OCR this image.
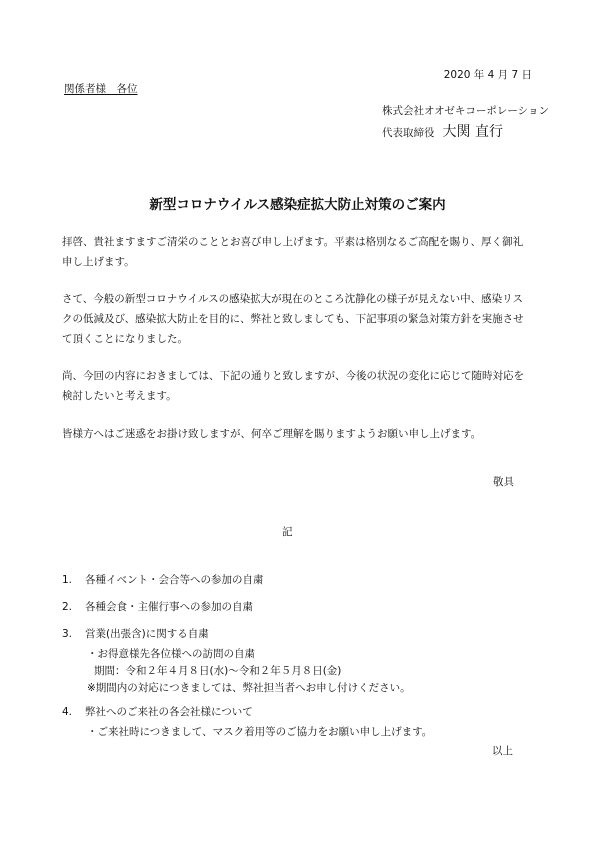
2020 年 4 月 7 日
関係者様　各位
株式会社オオゼキコーポレーション
代表取締役 大関 直行
新型コロナウイルス感染症拡大防止対策のご案内
拝啓、貴社ますますご清栄のこととお喜び申し上げます。平素は格別なるご高配を賜り、厚く御礼申し上げます。
さて、今般の新型コロナウイルスの感染拡大が現在のところ沈静化の様子が見えない中、感染リスクの低減及び、感染拡大防止を目的に、弊社と致しましても、下記事項の緊急対策方針を実施させて頂くことになりました。
尚、今回の内容におきましては、下記の通りと致しますが、今後の状況の変化に応じて随時対応を検討したいと考えます。
皆様方へはご迷惑をお掛け致しますが、何卒ご理解を賜りますようお願い申し上げます。
敬具
記
1. 各種イベント・会合等への参加の自粛
2. 各種会食・主催行事への参加の自粛
3. 営業(出張含)に関する自粛
・お得意様先各位様への訪問の自粛
期間：令和２年４月８日(水)～令和２年５月８日(金)
※期間内の対応につきましては、弊社担当者へお申し付けください。
4. 弊社へのご来社の各会社様について
・ご来社時につきまして、マスク着用等のご協力をお願い申し上げます。
以上
